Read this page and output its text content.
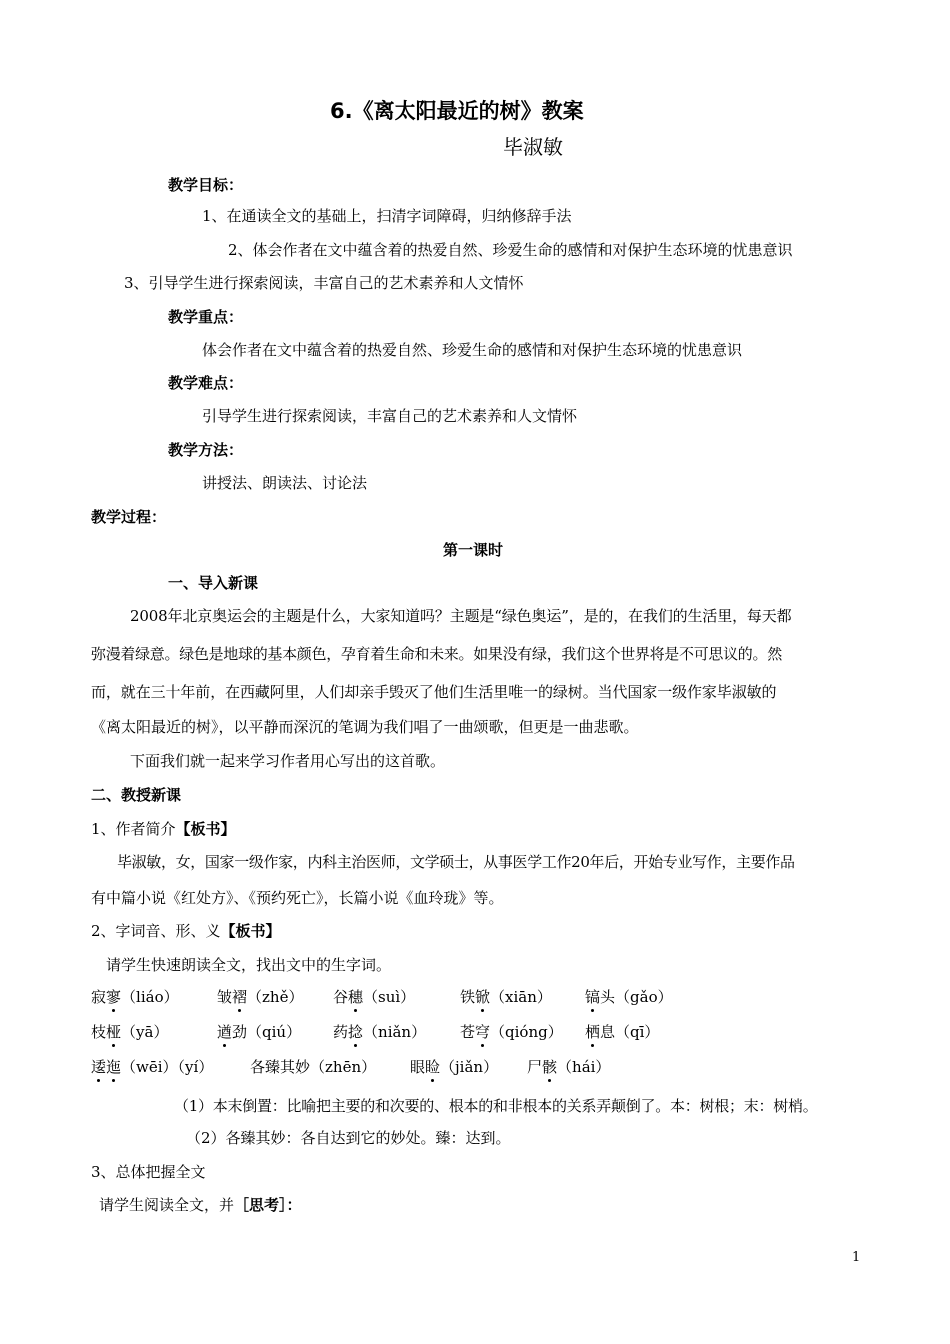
6.《离太阳最近的树》教案
毕淑敏
教学目标：
1、在通读全文的基础上，扫清字词障碍，归纳修辞手法
2、体会作者在文中蕴含着的热爱自然、珍爱生命的感情和对保护生态环境的忧患意识
3、引导学生进行探索阅读，丰富自己的艺术素养和人文情怀
教学重点：
体会作者在文中蕴含着的热爱自然、珍爱生命的感情和对保护生态环境的忧患意识
教学难点：
引导学生进行探索阅读，丰富自己的艺术素养和人文情怀
教学方法：
讲授法、朗读法、讨论法
教学过程：
第一课时
一、导入新课
2008年北京奥运会的主题是什么，大家知道吗？主题是“绿色奥运”，是的，在我们的生活里，每天都
弥漫着绿意。绿色是地球的基本颜色，孕育着生命和未来。如果没有绿，我们这个世界将是不可思议的。然
而，就在三十年前，在西藏阿里，人们却亲手毁灭了他们生活里唯一的绿树。当代国家一级作家毕淑敏的
《离太阳最近的树》，以平静而深沉的笔调为我们唱了一曲颂歌，但更是一曲悲歌。
下面我们就一起来学习作者用心写出的这首歌。
二、教授新课
1、作者简介【板书】
毕淑敏，女，国家一级作家，内科主治医师，文学硕士，从事医学工作20年后，开始专业写作，主要作品
有中篇小说《红处方》、《预约死亡》，长篇小说《血玲珑》等。
2、字词音、形、义【板书】
请学生快速朗读全文，找出文中的生字词。
寂寥（liáo）	皱褶（zhě） 谷穗（suì）	铁锨（xiān） 镐头（gǎo）
枝桠（yā）	遒劲（qiú） 药捻（niǎn） 苍穹（qióng） 栖息（qī）
逶迤（wēi）（yí） 各臻其妙（zhēn） 眼睑（jiǎn） 尸骸（hái）
（1）本末倒置：比喻把主要的和次要的、根本的和非根本的关系弄颠倒了。本：树根；末：树梢。
（2）各臻其妙：各自达到它的妙处。臻：达到。
3、总体把握全文
请学生阅读全文，并［思考］：
1
